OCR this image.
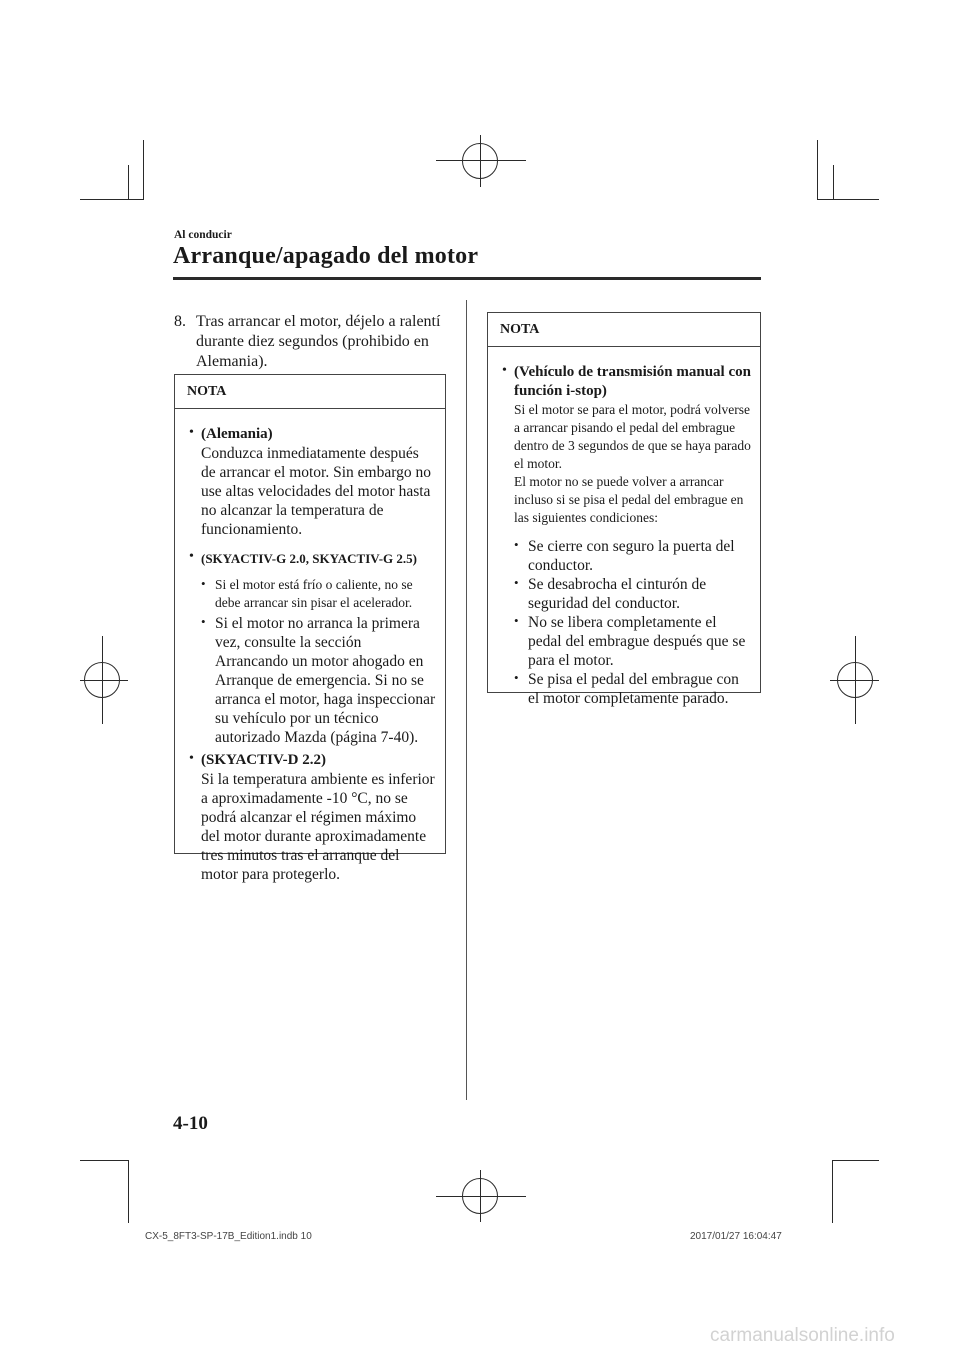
Al conducir
Arranque/apagado del motor
8. Tras arrancar el motor, déjelo a ralentí durante diez segundos (prohibido en Alemania).
NOTA
• (Alemania)
Conduzca inmediatamente después de arrancar el motor. Sin embargo no use altas velocidades del motor hasta no alcanzar la temperatura de funcionamiento.
• (SKYACTIV-G 2.0, SKYACTIV-G 2.5)
• Si el motor está frío o caliente, no se debe arrancar sin pisar el acelerador.
• Si el motor no arranca la primera vez, consulte la sección Arrancando un motor ahogado en Arranque de emergencia. Si no se arranca el motor, haga inspeccionar su vehículo por un técnico autorizado Mazda (página 7-40).
• (SKYACTIV-D 2.2)
Si la temperatura ambiente es inferior a aproximadamente -10 °C, no se podrá alcanzar el régimen máximo del motor durante aproximadamente tres minutos tras el arranque del motor para protegerlo.
NOTA
• (Vehículo de transmisión manual con función i-stop)
Si el motor se para el motor, podrá volverse a arrancar pisando el pedal del embrague dentro de 3 segundos de que se haya parado el motor.
El motor no se puede volver a arrancar incluso si se pisa el pedal del embrague en las siguientes condiciones:
• Se cierre con seguro la puerta del conductor.
• Se desabrocha el cinturón de seguridad del conductor.
• No se libera completamente el pedal del embrague después que se para el motor.
• Se pisa el pedal del embrague con el motor completamente parado.
4-10
CX-5_8FT3-SP-17B_Edition1.indb 10	2017/01/27 16:04:47
carmanualsonline.info
